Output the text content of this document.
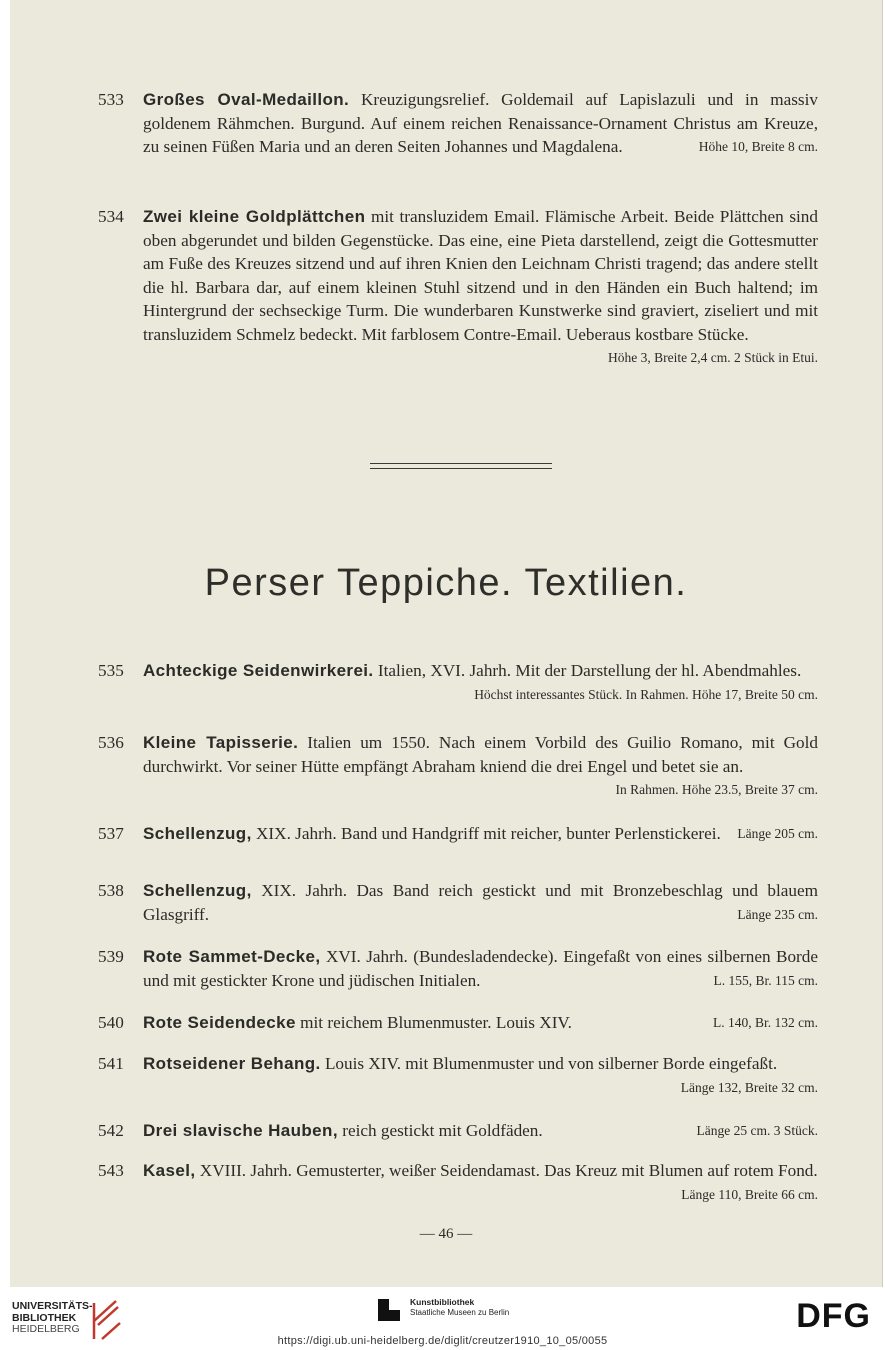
533	Großes Oval-Medaillon. Kreuzigungsrelief. Goldemail auf Lapislazuli und in massiv goldenem Rähmchen. Burgund. Auf einem reichen Renaissance-Ornament Christus am Kreuze, zu seinen Füßen Maria und an deren Seiten Johannes und Magdalena.	Höhe 10, Breite 8 cm.
534	Zwei kleine Goldplättchen mit transluzidem Email. Flämische Arbeit. Beide Plättchen sind oben abgerundet und bilden Gegenstücke. Das eine, eine Pieta darstellend, zeigt die Gottesmutter am Fuße des Kreuzes sitzend und auf ihren Knien den Leichnam Christi tragend; das andere stellt die hl. Barbara dar, auf einem kleinen Stuhl sitzend und in den Händen ein Buch haltend; im Hintergrund der sechseckige Turm. Die wunderbaren Kunstwerke sind graviert, ziseliert und mit transluzidem Schmelz bedeckt. Mit farblosem Contre-Email. Ueberaus kostbare Stücke.
Höhe 3, Breite 2,4 cm. 2 Stück in Etui.
Perser Teppiche. Textilien.
535	Achteckige Seidenwirkerei. Italien, XVI. Jahrh. Mit der Darstellung der hl. Abendmahles.
Höchst interessantes Stück. In Rahmen. Höhe 17, Breite 50 cm.
536	Kleine Tapisserie. Italien um 1550. Nach einem Vorbild des Guilio Romano, mit Gold durchwirkt. Vor seiner Hütte empfängt Abraham kniend die drei Engel und betet sie an.
In Rahmen. Höhe 23.5, Breite 37 cm.
537	Schellenzug, XIX. Jahrh. Band und Handgriff mit reicher, bunter Perlenstickerei. Länge 205 cm.
538	Schellenzug, XIX. Jahrh. Das Band reich gestickt und mit Bronzebeschlag und blauem Glasgriff.	Länge 235 cm.
539	Rote Sammet-Decke, XVI. Jahrh. (Bundesladendecke). Eingefaßt von eines silbernen Borde und mit gestickter Krone und jüdischen Initialen.	L. 155, Br. 115 cm.
540	Rote Seidendecke mit reichem Blumenmuster. Louis XIV.	L. 140, Br. 132 cm.
541	Rotseidener Behang. Louis XIV. mit Blumenmuster und von silberner Borde eingefaßt.
Länge 132, Breite 32 cm.
542	Drei slavische Hauben, reich gestickt mit Goldfäden.	Länge 25 cm. 3 Stück.
543	Kasel, XVIII. Jahrh. Gemusterter, weißer Seidendamast. Das Kreuz mit Blumen auf rotem Fond.
Länge 110, Breite 66 cm.
— 46 —
UNIVERSITÄTS-
BIBLIOTHEK
HEIDELBERG
Kunstbibliothek
Staatliche Museen zu Berlin	DFG
https://digi.ub.uni-heidelberg.de/diglit/creutzer1910_10_05/0055
